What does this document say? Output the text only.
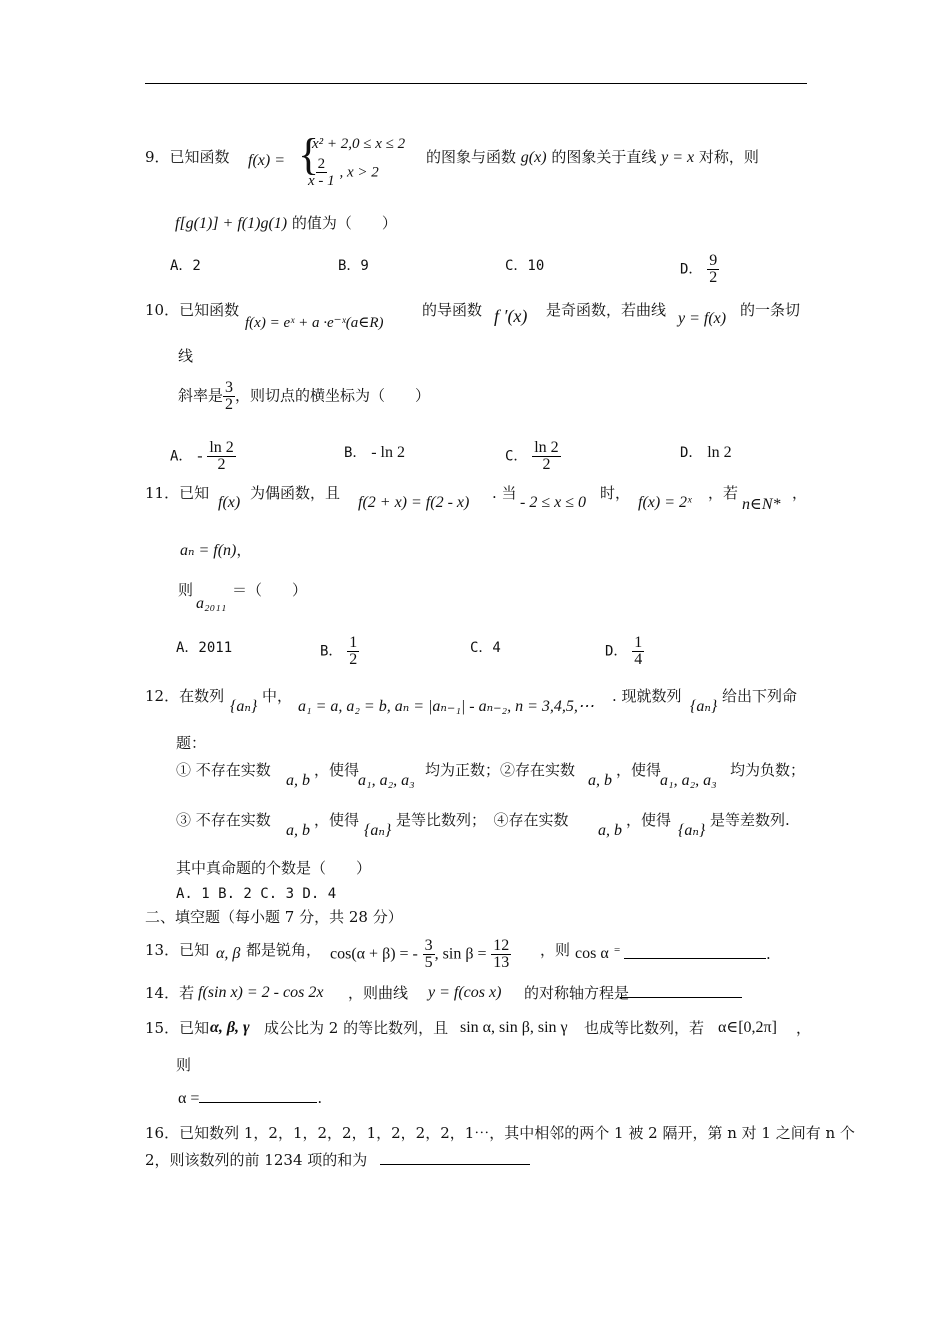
9．已知函数 f(x) = {
x² + 2,0 ≤ x ≤ 2
$\frac{2}{x - 1}$ , x > 2
的图象与函数 g(x) 的图象关于直线 y = x 对称，则
f[g(1)] + f(1)g(1) 的值为（　　）
A．2	B．9	C．10	D． $\frac{9}{2}$
10．已知函数
f(x) = eˣ + a ·e⁻ˣ(a∈R)
的导函数 f ′(x) 是奇函数，若曲线 y = f(x) 的一条切
线
斜率是 $\frac{3}{2}$ ，则切点的横坐标为（　　）
A． - $\frac{\ln 2}{2}$	B． - ln 2	C． $\frac{\ln 2}{2}$	D． ln 2
11．已知
f(x)
为偶函数，且
f(2 + x) = f(2 - x)
. 当
- 2 ≤ x ≤ 0
时，
f(x) = 2ˣ
，若
n∈N*
，
aₙ = f(n)，
则
a₂₀₁₁
＝（　　）
A．2011	B． $\frac{1}{2}$	C．4	D． $\frac{1}{4}$
12．在数列
{aₙ}
中，
a₁ = a, a₂ = b, aₙ = |aₙ₋₁| - aₙ₋₂, n = 3,4,5,⋯
. 现就数列
{aₙ}
给出下列命
题：
① 不存在实数
a, b
，使得
a₁, a₂, a₃
均为正数；②存在实数
a, b
，使得
a₁, a₂, a₃
均为负数；
③ 不存在实数
a, b
，使得
{aₙ}
是等比数列；　④存在实数
a, b
，使得
{aₙ}
是等差数列.
其中真命题的个数是（　　）
A. 1 B. 2 C. 3 D. 4
二、填空题（每小题 7 分，共 28 分）
13．已知 α, β 都是锐角， cos(α + β) = - $\frac{3}{5}$ , $\sin \beta = \frac{12}{13}$ ，则 cos α =	.
14．若 f(sin x) = 2 - cos 2x ，则曲线 y = f(cos x) 的对称轴方程是
15．已知 α, β, γ 成公比为 2 的等比数列，且 sin α, sin β, sin γ 也成等比数列，若 α∈[0,2π] ，
则
α =	.
16．已知数列 1，2，1，2，2，1，2，2，2，1⋯，其中相邻的两个 1 被 2 隔开，第 n 对 1 之间有 n 个
2，则该数列的前 1234 项的和为
